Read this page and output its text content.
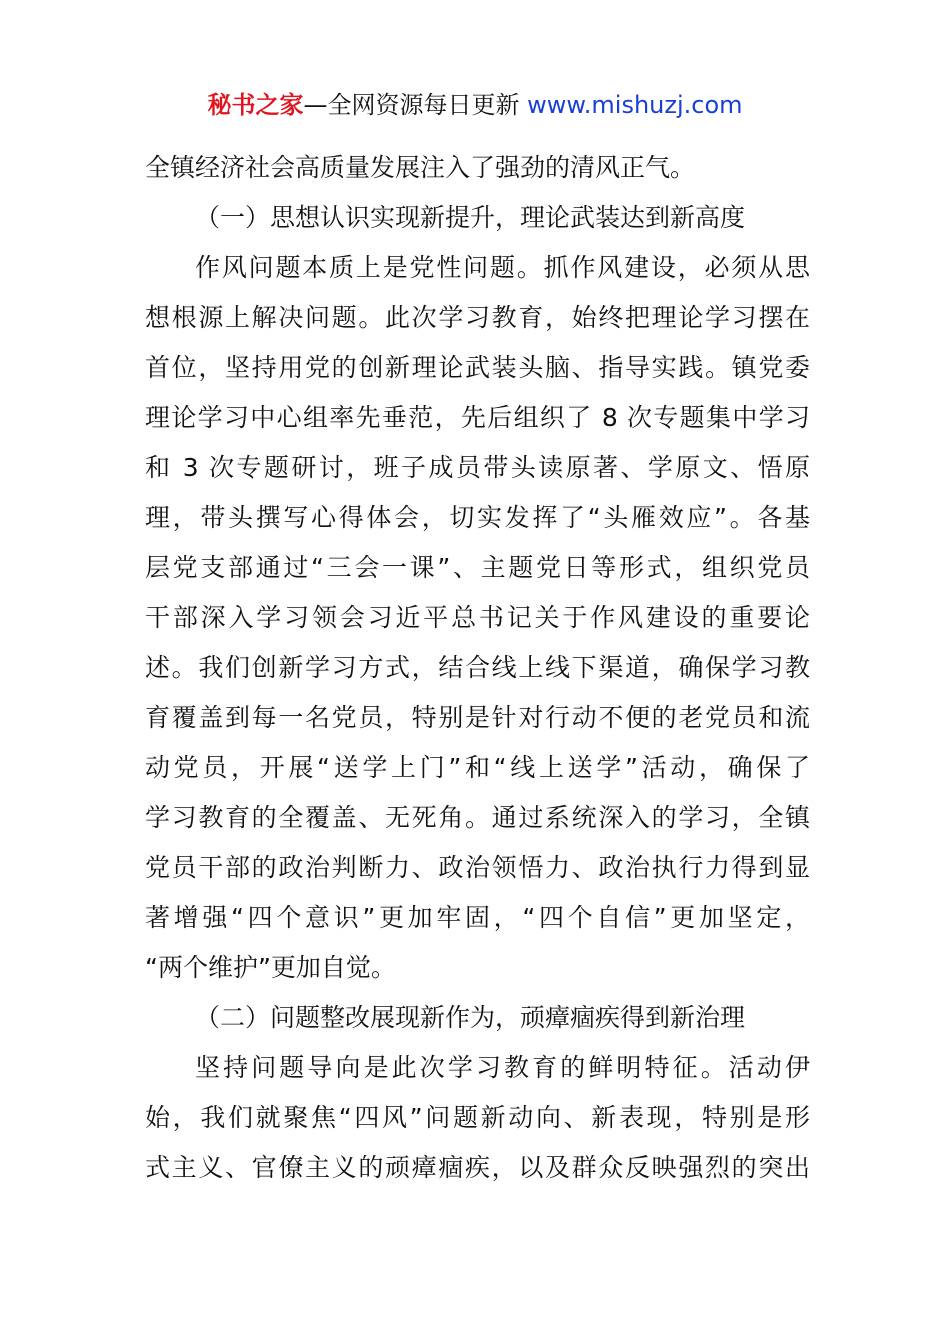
秘书之家—全网资源每日更新 www.mishuzj.com
全镇经济社会高质量发展注入了强劲的清风正气。
（一）思想认识实现新提升，理论武装达到新高度
作风问题本质上是党性问题。抓作风建设，必须从思
想根源上解决问题。此次学习教育，始终把理论学习摆在
首位，坚持用党的创新理论武装头脑、指导实践。镇党委
理论学习中心组率先垂范，先后组织了 8 次专题集中学习
和 3 次专题研讨，班子成员带头读原著、学原文、悟原
理，带头撰写心得体会，切实发挥了“头雁效应”。各基
层党支部通过“三会一课”、主题党日等形式，组织党员
干部深入学习领会习近平总书记关于作风建设的重要论
述。我们创新学习方式，结合线上线下渠道，确保学习教
育覆盖到每一名党员，特别是针对行动不便的老党员和流
动党员，开展“送学上门”和“线上送学”活动，确保了
学习教育的全覆盖、无死角。通过系统深入的学习，全镇
党员干部的政治判断力、政治领悟力、政治执行力得到显
著增强“四个意识”更加牢固，“四个自信”更加坚定，
“两个维护”更加自觉。
（二）问题整改展现新作为，顽瘴痼疾得到新治理
坚持问题导向是此次学习教育的鲜明特征。活动伊
始，我们就聚焦“四风”问题新动向、新表现，特别是形
式主义、官僚主义的顽瘴痼疾，以及群众反映强烈的突出
